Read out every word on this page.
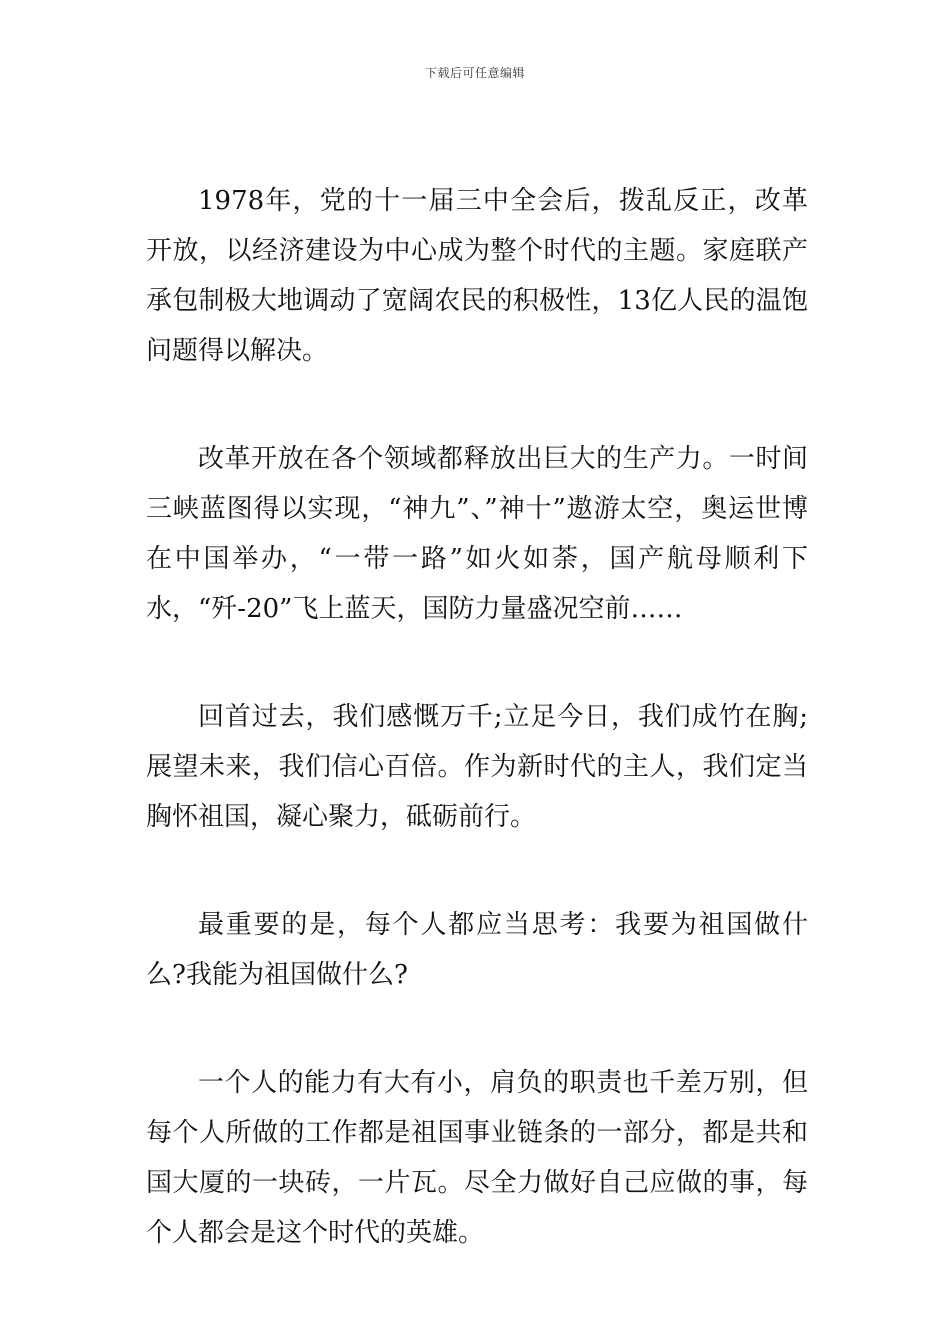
下载后可任意编辑

1978年，党的十一届三中全会后，拨乱反正，改革开放，以经济建设为中心成为整个时代的主题。家庭联产承包制极大地调动了宽阔农民的积极性，13亿人民的温饱问题得以解决。

改革开放在各个领域都释放出巨大的生产力。一时间三峡蓝图得以实现，“神九”、”神十”遨游太空，奥运世博在中国举办，“一带一路”如火如荼，国产航母顺利下水，“歼-20”飞上蓝天，国防力量盛况空前……

回首过去，我们感慨万千;立足今日，我们成竹在胸;展望未来，我们信心百倍。作为新时代的主人，我们定当胸怀祖国，凝心聚力，砥砺前行。

最重要的是，每个人都应当思考：我要为祖国做什么?我能为祖国做什么?

一个人的能力有大有小，肩负的职责也千差万别，但每个人所做的工作都是祖国事业链条的一部分，都是共和国大厦的一块砖，一片瓦。尽全力做好自己应做的事，每个人都会是这个时代的英雄。
